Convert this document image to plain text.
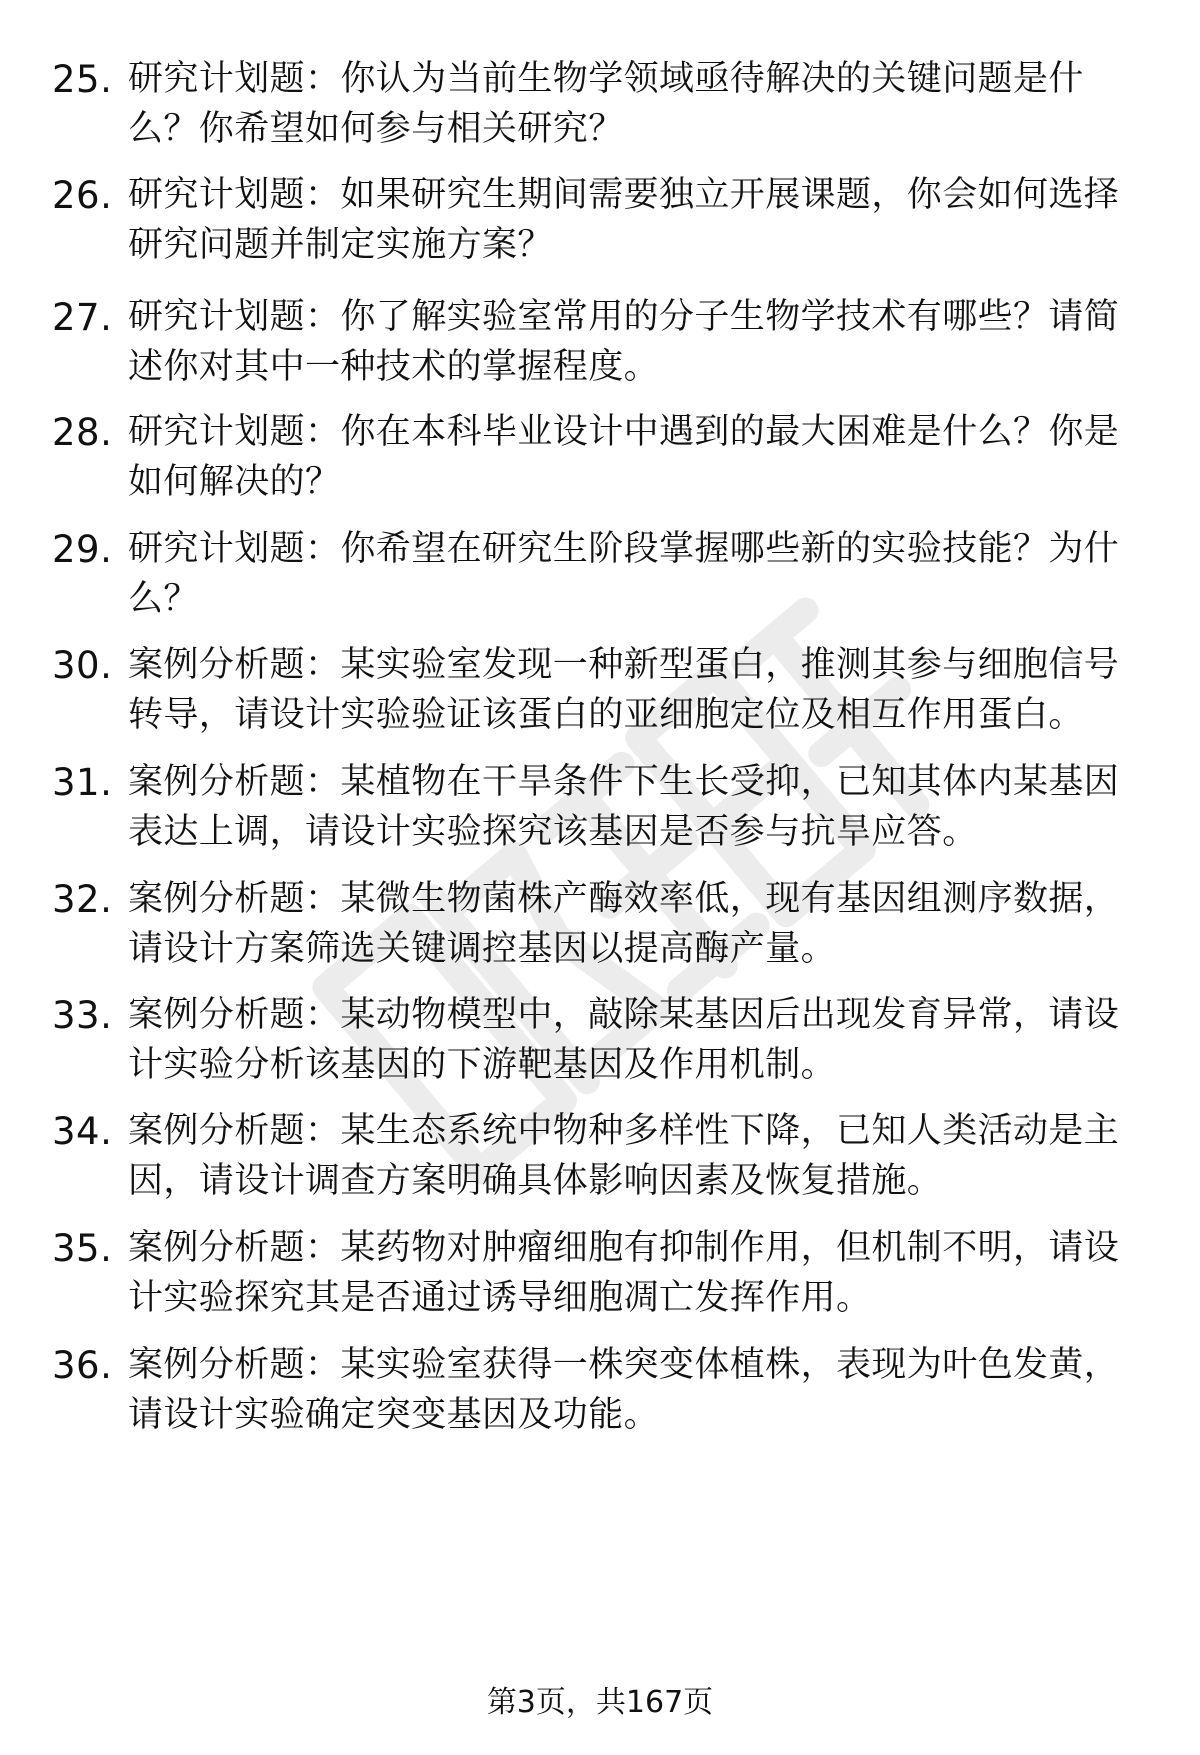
25. 研究计划题：你认为当前生物学领域亟待解决的关键问题是什
么？你希望如何参与相关研究？
26. 研究计划题：如果研究生期间需要独立开展课题，你会如何选择
研究问题并制定实施方案？
27. 研究计划题：你了解实验室常用的分子生物学技术有哪些？请简
述你对其中一种技术的掌握程度。
28. 研究计划题：你在本科毕业设计中遇到的最大困难是什么？你是
如何解决的？
29. 研究计划题：你希望在研究生阶段掌握哪些新的实验技能？为什
么？
30. 案例分析题：某实验室发现一种新型蛋白，推测其参与细胞信号
转导，请设计实验验证该蛋白的亚细胞定位及相互作用蛋白。
31. 案例分析题：某植物在干旱条件下生长受抑，已知其体内某基因
表达上调，请设计实验探究该基因是否参与抗旱应答。
32. 案例分析题：某微生物菌株产酶效率低，现有基因组测序数据，
请设计方案筛选关键调控基因以提高酶产量。
33. 案例分析题：某动物模型中，敲除某基因后出现发育异常，请设
计实验分析该基因的下游靶基因及作用机制。
34. 案例分析题：某生态系统中物种多样性下降，已知人类活动是主
因，请设计调查方案明确具体影响因素及恢复措施。
35. 案例分析题：某药物对肿瘤细胞有抑制作用，但机制不明，请设
计实验探究其是否通过诱导细胞凋亡发挥作用。
36. 案例分析题：某实验室获得一株突变体植株，表现为叶色发黄，
请设计实验确定突变基因及功能。
第3页，共167页
